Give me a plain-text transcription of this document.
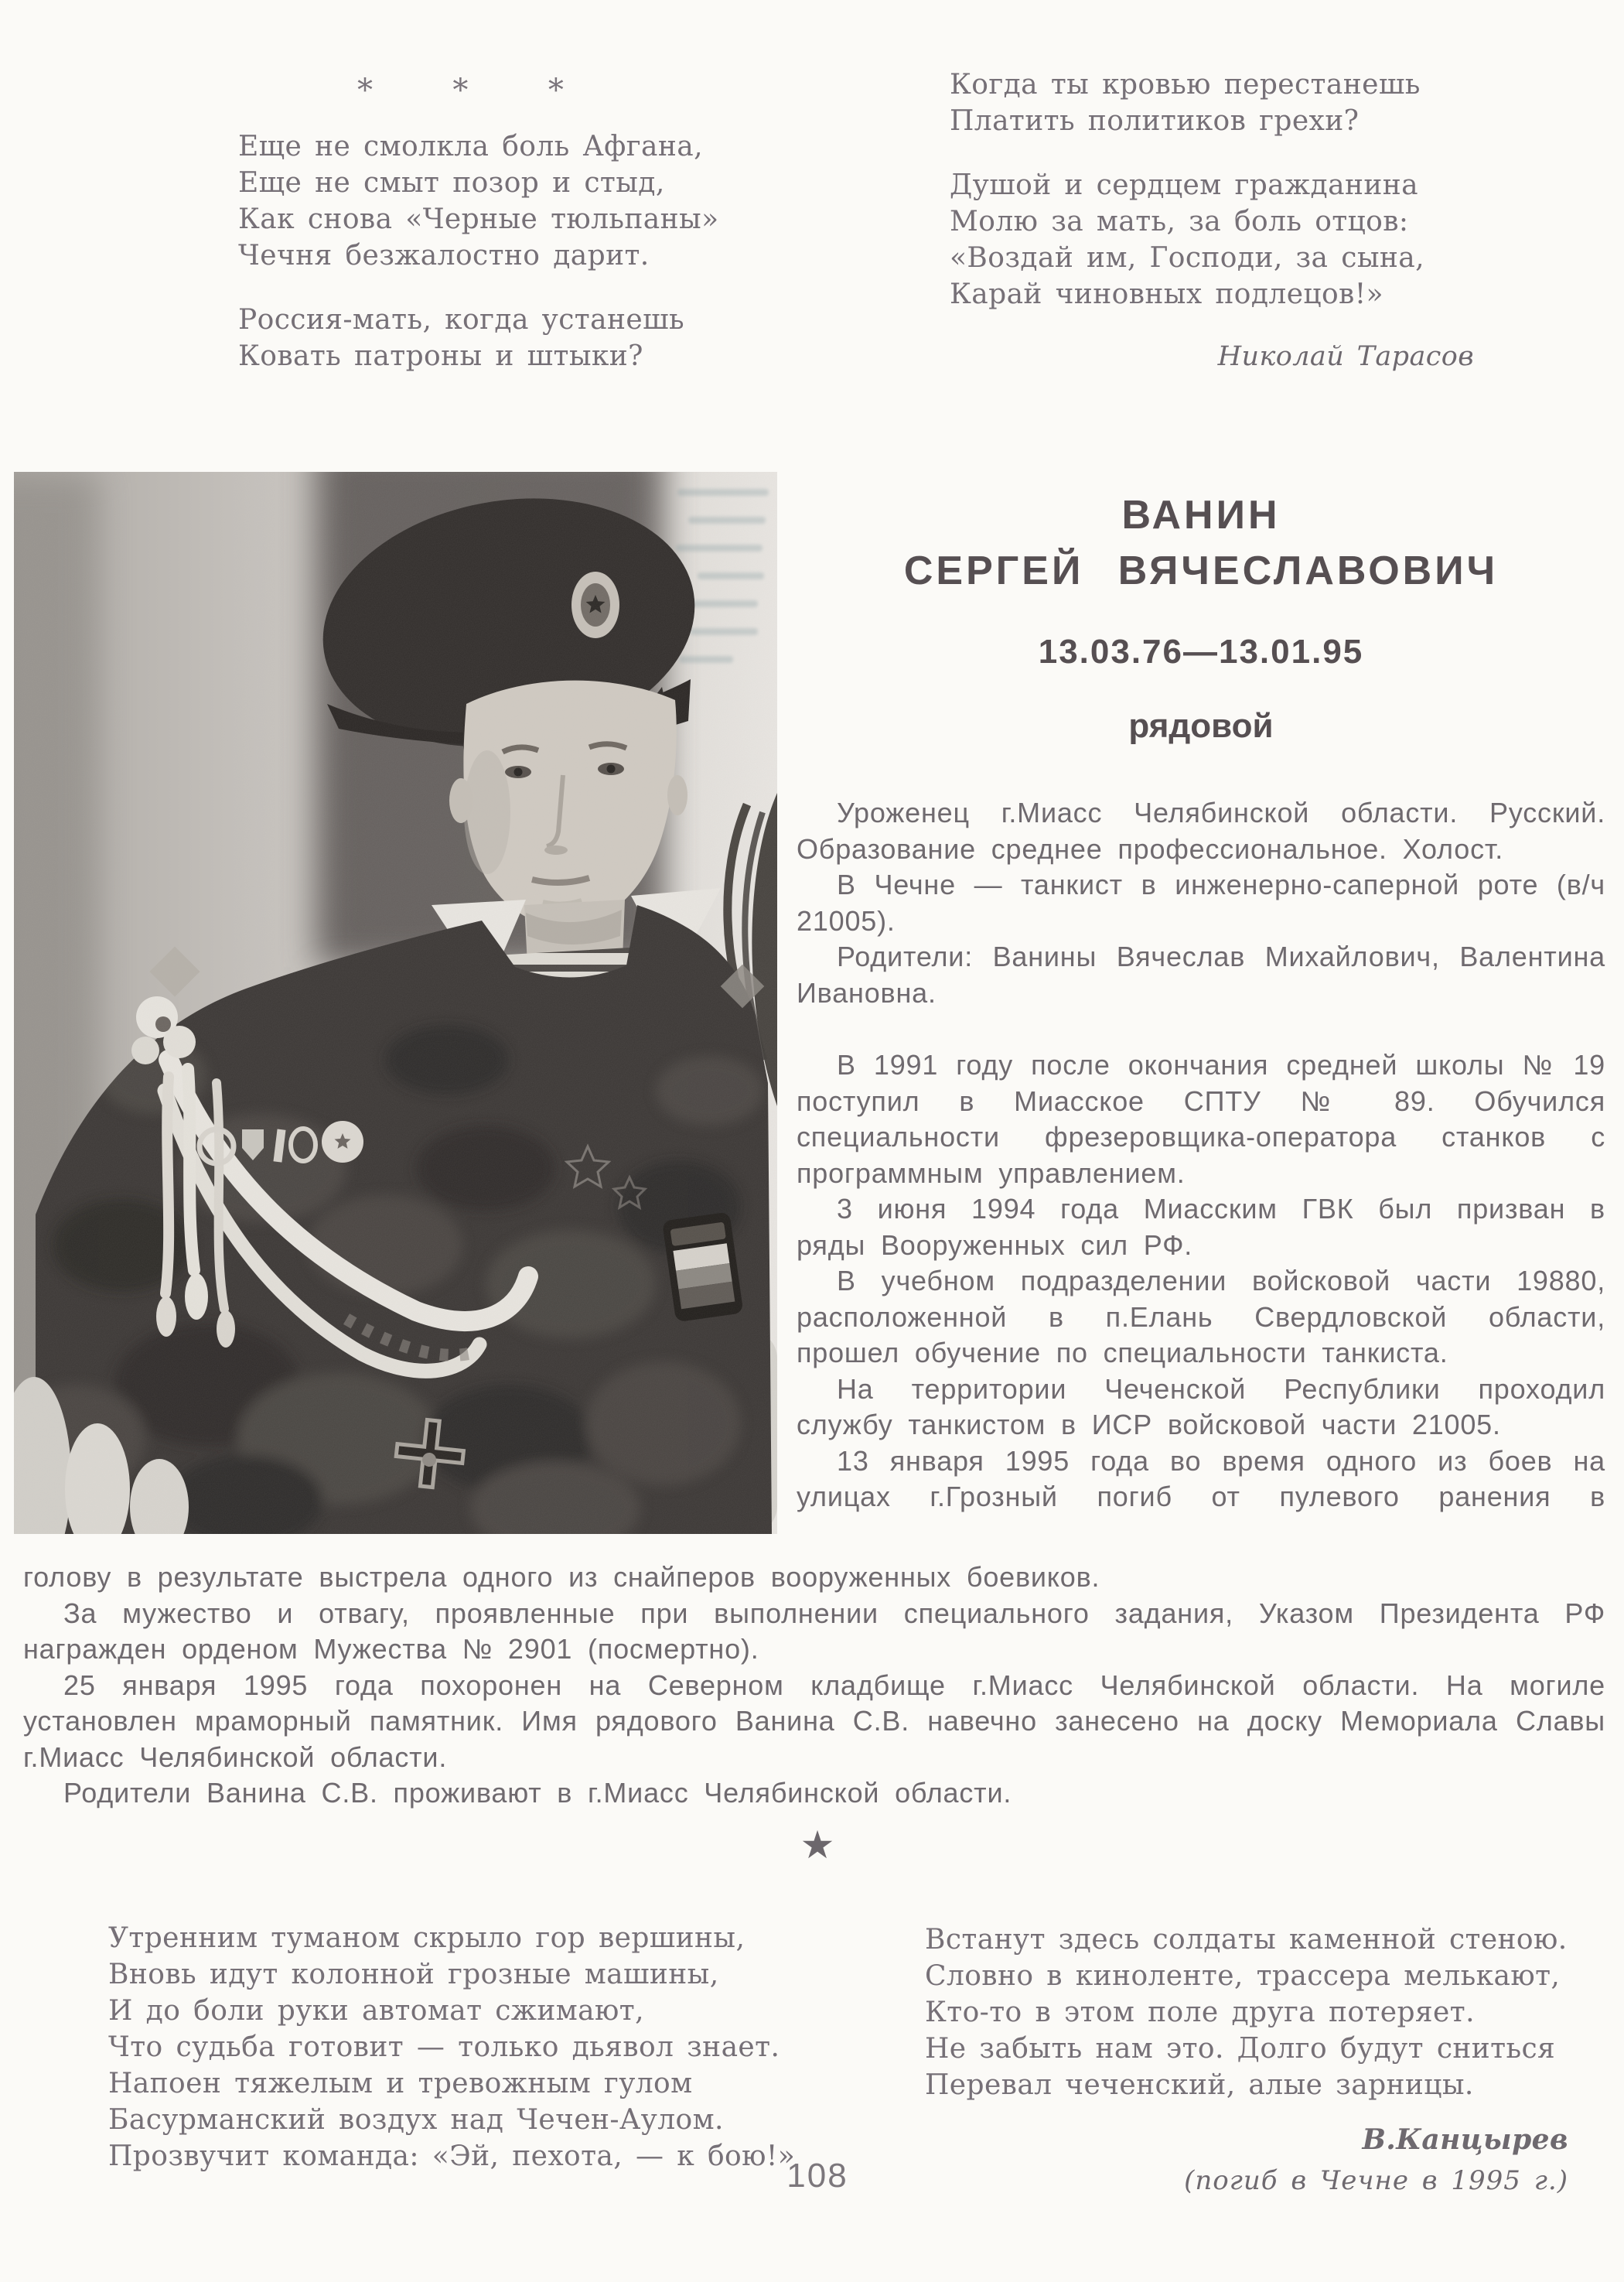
*  *  *
Еще не смолкла боль Афгана,
Еще не смыт позор и стыд,
Как снова «Черные тюльпаны»
Чечня безжалостно дарит.
Россия-мать, когда устанешь
Ковать патроны и штыки?
Когда ты кровью перестанешь
Платить политиков грехи?
Душой и сердцем гражданина
Молю за мать, за боль отцов:
«Воздай им, Господи, за сына,
Карай чиновных подлецов!»
Николай Тарасов
ВАНИН
СЕРГЕЙ ВЯЧЕСЛАВОВИЧ
13.03.76—13.01.95
рядовой

Уроженец г.Миасс Челябинской области. Русский. Образование среднее профессиональное. Холост.

В Чечне — танкист в инженерно-саперной роте (в/ч 21005).

Родители: Ванины Вячеслав Михайлович, Валентина Ивановна.

В 1991 году после окончания средней школы № 19 поступил в Миасское СПТУ № 89. Обучился специальности фрезеровщика-оператора станков с программным управлением.

3 июня 1994 года Миасским ГВК был призван в ряды Вооруженных сил РФ.

В учебном подразделении войсковой части 19880, расположенной в п.Елань Свердловской области, прошел обучение по специальности танкиста.

На территории Чеченской Республики проходил службу танкистом в ИСР войсковой части 21005.

13 января 1995 года во время одного из боев на улицах г.Грозный погиб от пулевого ранения в

голову в результате выстрела одного из снайперов вооруженных боевиков.

За мужество и отвагу, проявленные при выполнении специального задания, Указом Президента РФ награжден орденом Мужества № 2901 (посмертно).

25 января 1995 года похоронен на Северном кладбище г.Миасс Челябинской области. На могиле установлен мраморный памятник. Имя рядового Ванина С.В. навечно занесено на доску Мемориала Славы г.Миасс Челябинской области.

Родители Ванина С.В. проживают в г.Миасс Челябинской области.

★
Утренним туманом скрыло гор вершины,
Вновь идут колонной грозные машины,
И до боли руки автомат сжимают,
Что судьба готовит — только дьявол знает.
Напоен тяжелым и тревожным гулом
Басурманский воздух над Чечен-Аулом.
Прозвучит команда: «Эй, пехота, — к бою!»
Встанут здесь солдаты каменной стеною.
Словно в киноленте, трассера мелькают,
Кто-то в этом поле друга потеряет.
Не забыть нам это. Долго будут сниться
Перевал чеченский, алые зарницы.
В.Канцырев
(погиб в Чечне в 1995 г.)
108
